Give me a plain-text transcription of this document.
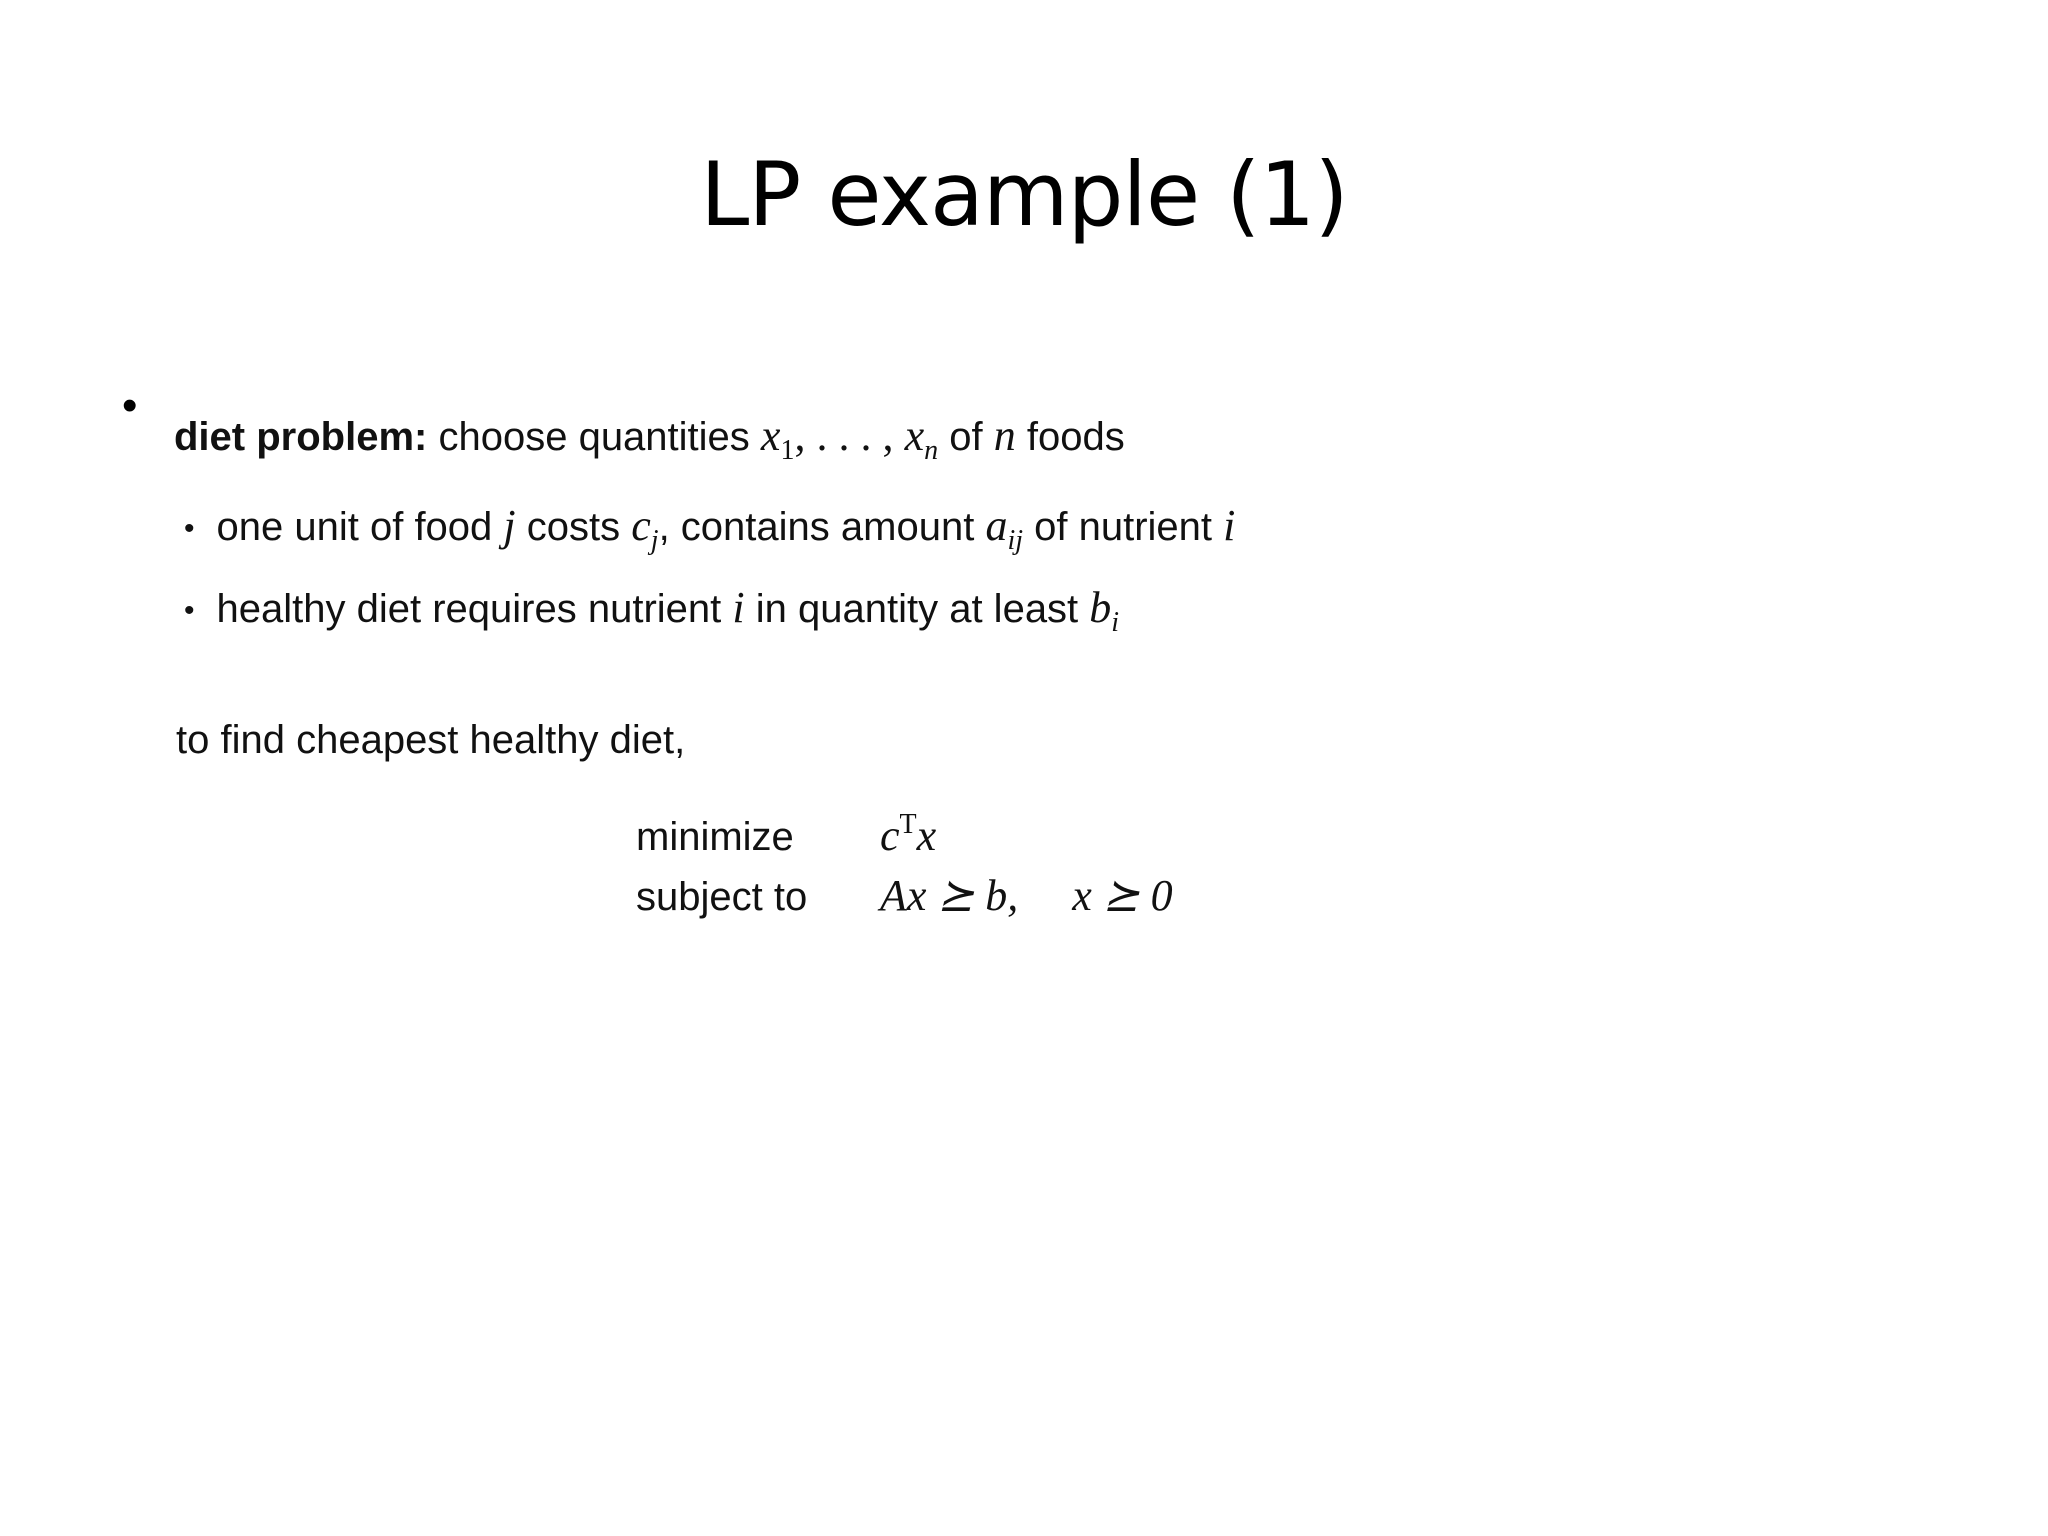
LP example (1)
•
diet problem: choose quantities $x_1$, . . . , $x_n$ of n foods
• one unit of food j costs $c_j$, contains amount $a_{ij}$ of nutrient i
• healthy diet requires nutrient i in quantity at least $b_i$
to find cheapest healthy diet,
minimize	$c^Tx$
subject to	Ax ⪰ b, x ⪰ 0
